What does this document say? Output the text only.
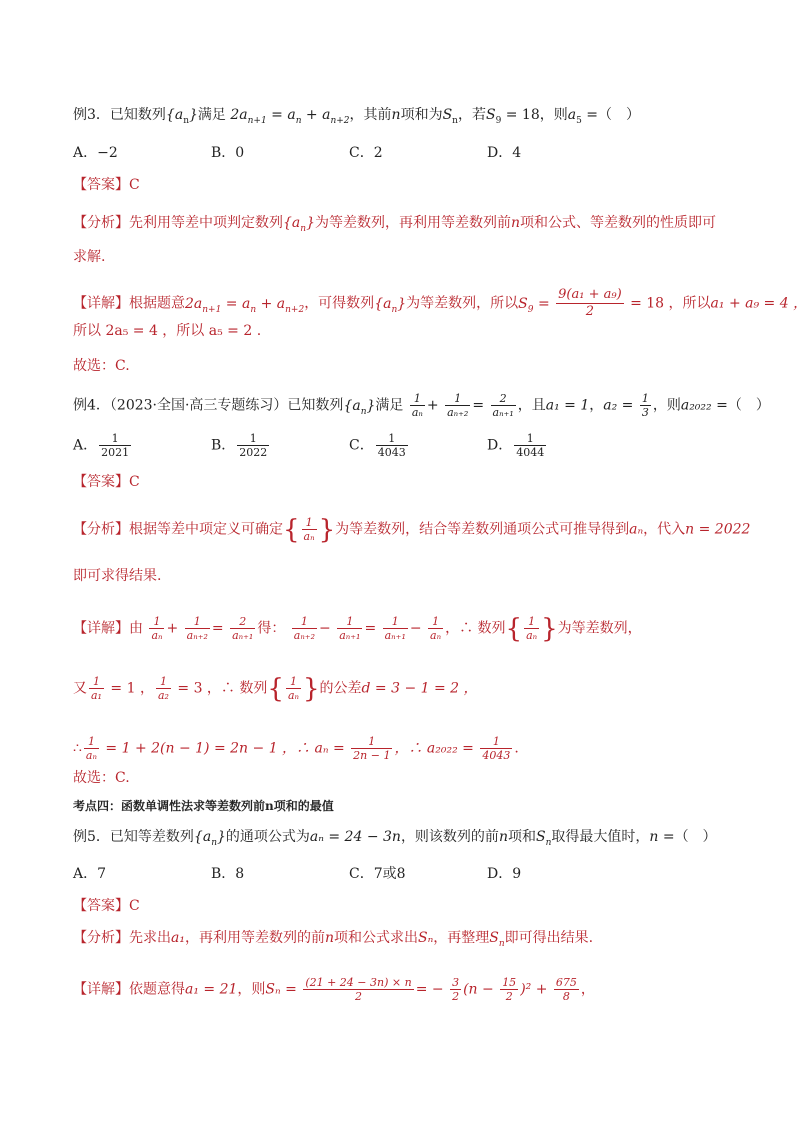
例3．已知数列$\{a_n\}$满足 $2a_{n+1} = a_n + a_{n+2}$，其前n项和为$S_n$，若$S_9 = 18$，则$a_5$ =（　）
A．−2	B．0	C．2	D．4
【答案】C
【分析】先利用等差中项判定数列$\{a_n\}$为等差数列，再利用等差数列前n项和公式、等差数列的性质即可
求解.
【详解】根据题意$2a_{n+1} = a_n + a_{n+2}$，可得数列$\{a_n\}$为等差数列，所以$S_9 = \frac{\text{9(a₁ + a₉)}}{2} = 18$ ，所以a₁ + a₉ = 4 ，
所以 2a₅ = 4 ，所以 a₅ = 2 .
故选：C.
例4．（2023·全国·高三专题练习）已知数列$\{a_n\}$满足 $\frac{1}{\text{aₙ}} + \frac{1}{\text{aₙ₊₂}} = \frac{2}{\text{aₙ₊₁}}$ ，且a₁ = 1，$a_2 = \frac{1}{3}$ ，则a₂₀₂₂ =（　）
A． $\frac{1}{2021}$	B． $\frac{1}{2022}$	C． $\frac{1}{4043}$	D． $\frac{1}{4044}$
【答案】C
【分析】根据等差中项定义可确定{ $\frac{1}{\text{aₙ}}$ }为等差数列，结合等差数列通项公式可推导得到aₙ，代入n = 2022
即可求得结果.
【详解】由 $\frac{1}{\text{aₙ}} + \frac{1}{\text{aₙ₊₂}} = \frac{2}{\text{aₙ₊₁}}$ 得： $\frac{1}{\text{aₙ₊₂}} - \frac{1}{\text{aₙ₊₁}} = \frac{1}{\text{aₙ₊₁}} - \frac{1}{\text{aₙ}}$ ，∴ 数列{ $\frac{1}{\text{aₙ}}$ }为等差数列，
又 $\frac{1}{\text{a₁}} = 1$ ， $\frac{1}{\text{a₂}} = 3$ ，∴ 数列{ $\frac{1}{\text{aₙ}}$ }的公差d = 3 − 1 = 2 ，
∴ $\frac{1}{\text{aₙ}} = 1 + 2(n - 1) = 2n - 1$ ，∴ $a_n = \frac{1}{2n - 1}$ ，∴ $a_{2022} = \frac{1}{4043}$ .
故选：C.
考点四：函数单调性法求等差数列前n项和的最值
例5．已知等差数列$\{a_n\}$的通项公式为aₙ = 24 − 3n，则该数列的前n项和$S_n$取得最大值时，n =（　）
A．7	B．8	C．7或8	D．9
【答案】C
【分析】先求出a₁，再利用等差数列的前n项和公式求出Sₙ，再整理$S_n$即可得出结果.
【详解】依题意得a₁ = 21，则$S_n = \frac{(21 + 24 - 3n) \times n}{2}$ = − $\frac{3}{2} (n - \frac{15}{2} )^2 + \frac{675}{8}$ ，
